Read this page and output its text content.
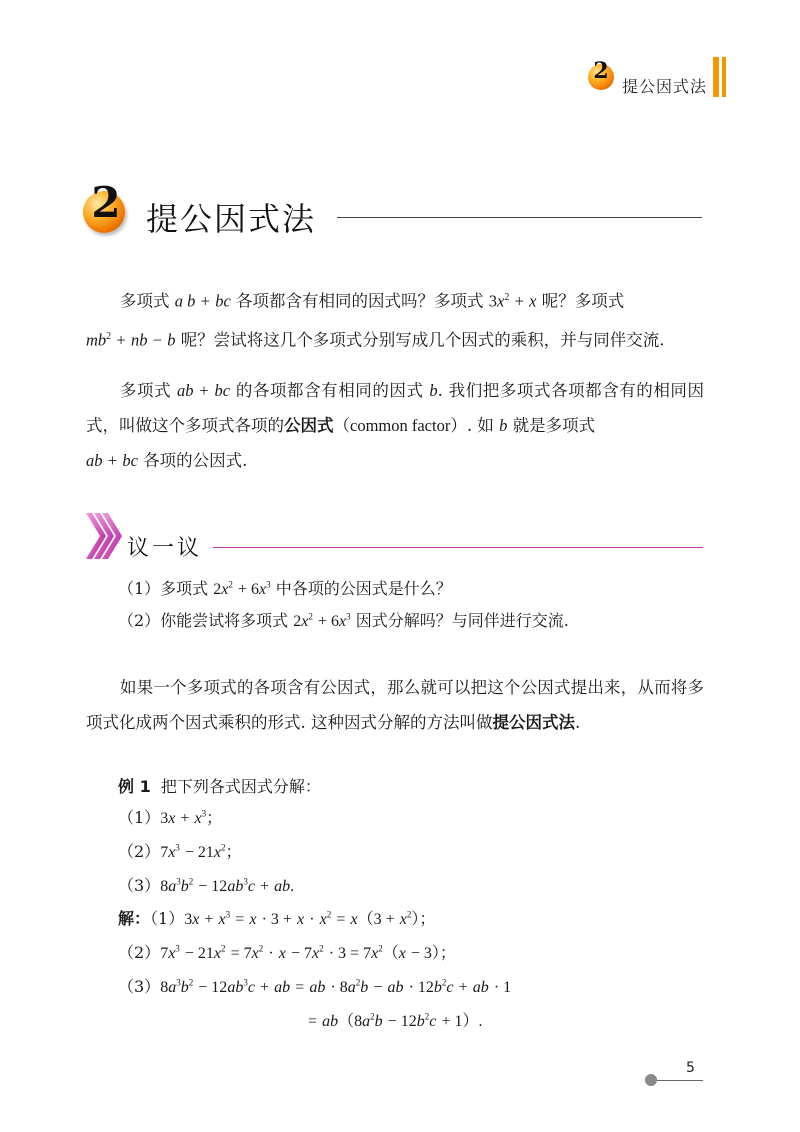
2
提公因式法
2 提公因式法

多项式 a b + bc 各项都含有相同的因式吗？多项式 $3x^2 + x$ 呢？多项式
$mb^2$ + nb − b 呢？尝试将这几个多项式分别写成几个因式的乘积，并与同伴交流.

多项式 ab + bc 的各项都含有相同的因式 b. 我们把多项式各项都含有的相同因式，叫做这个多项式各项的公因式（common factor）. 如 b 就是多项式
ab + bc 各项的公因式.

议一议
（1）多项式 $2x^2 + 6x^3$ 中各项的公因式是什么？
（2）你能尝试将多项式 $2x^2 + 6x^3$ 因式分解吗？与同伴进行交流.

如果一个多项式的各项含有公因式，那么就可以把这个公因式提出来，从而将多项式化成两个因式乘积的形式. 这种因式分解的方法叫做提公因式法.

例 1 把下列各式因式分解：
$(1)3x + x^3$；
$(2)7x^3 - 21x^2$；
$(3)8a^3b^2 - 12ab^3c$ + ab.
解：$(1)3x + x^3 = x \cdot 3 + x \cdot x^2 = x(3 + x^2)$；
$(2)7x^3 - 21x^2 = 7x^2 \cdot x - 7x^2 \cdot 3 = 7x^2(x - 3)$；
$(3)8a^3b^2 - 12ab^3c$ + ab = ab · $8a^2b$ − ab · $12b^2c$ + ab · 1
= $ab(8a^2b - 12b^2c + 1)$.
5
